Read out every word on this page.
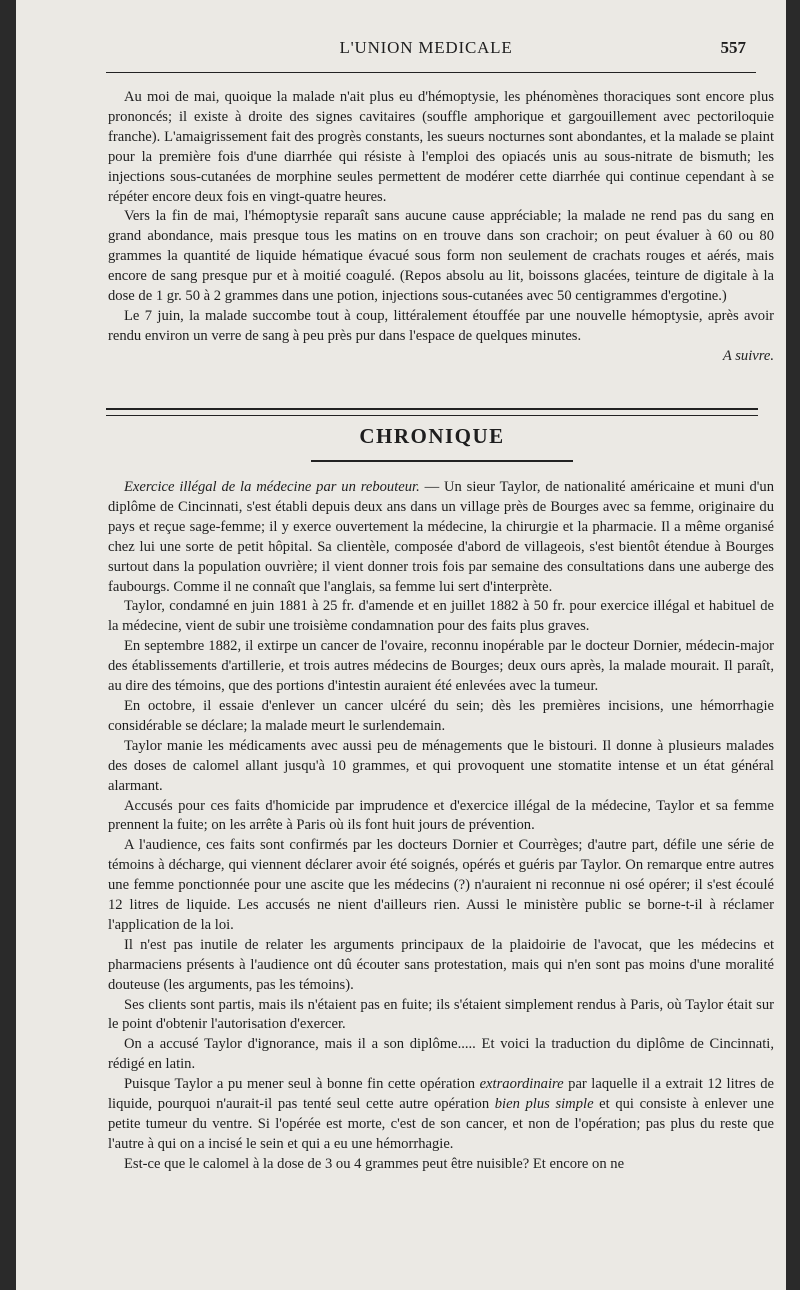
L'UNION MEDICALE	557

Au moi de mai, quoique la malade n'ait plus eu d'hémoptysie, les phénomènes thoraciques sont encore plus prononcés; il existe à droite des signes cavitaires (souffle amphorique et gargouillement avec pectoriloquie franche). L'amaigrissement fait des progrès constants, les sueurs nocturnes sont abondantes, et la malade se plaint pour la première fois d'une diarrhée qui résiste à l'emploi des opiacés unis au sous-nitrate de bismuth; les injections sous-cutanées de morphine seules permettent de modérer cette diarrhée qui continue cependant à se répéter encore deux fois en vingt-quatre heures.

Vers la fin de mai, l'hémoptysie reparaît sans aucune cause appréciable; la malade ne rend pas du sang en grand abondance, mais presque tous les matins on en trouve dans son crachoir; on peut évaluer à 60 ou 80 grammes la quantité de liquide hématique évacué sous form non seulement de crachats rouges et aérés, mais encore de sang presque pur et à moitié coagulé. (Repos absolu au lit, boissons glacées, teinture de digitale à la dose de 1 gr. 50 à 2 grammes dans une potion, injections sous-cutanées avec 50 centigrammes d'ergotine.)

Le 7 juin, la malade succombe tout à coup, littéralement étouffée par une nouvelle hémoptysie, après avoir rendu environ un verre de sang à peu près pur dans l'espace de quelques minutes.

A suivre.

CHRONIQUE

Exercice illégal de la médecine par un rebouteur. — Un sieur Taylor, de nationalité américaine et muni d'un diplôme de Cincinnati, s'est établi depuis deux ans dans un village près de Bourges avec sa femme, originaire du pays et reçue sage-femme; il y exerce ouvertement la médecine, la chirurgie et la pharmacie. Il a même organisé chez lui une sorte de petit hôpital. Sa clientèle, composée d'abord de villageois, s'est bientôt étendue à Bourges surtout dans la population ouvrière; il vient donner trois fois par semaine des consultations dans une auberge des faubourgs. Comme il ne connaît que l'anglais, sa femme lui sert d'interprète.

Taylor, condamné en juin 1881 à 25 fr. d'amende et en juillet 1882 à 50 fr. pour exercice illégal et habituel de la médecine, vient de subir une troisième condamnation pour des faits plus graves.

En septembre 1882, il extirpe un cancer de l'ovaire, reconnu inopérable par le docteur Dornier, médecin-major des établissements d'artillerie, et trois autres médecins de Bourges; deux ours après, la malade mourait. Il paraît, au dire des témoins, que des portions d'intestin auraient été enlevées avec la tumeur.

En octobre, il essaie d'enlever un cancer ulcéré du sein; dès les premières incisions, une hémorrhagie considérable se déclare; la malade meurt le surlendemain.

Taylor manie les médicaments avec aussi peu de ménagements que le bistouri. Il donne à plusieurs malades des doses de calomel allant jusqu'à 10 grammes, et qui provoquent une stomatite intense et un état général alarmant.

Accusés pour ces faits d'homicide par imprudence et d'exercice illégal de la médecine, Taylor et sa femme prennent la fuite; on les arrête à Paris où ils font huit jours de prévention.

A l'audience, ces faits sont confirmés par les docteurs Dornier et Courrèges; d'autre part, défile une série de témoins à décharge, qui viennent déclarer avoir été soignés, opérés et guéris par Taylor. On remarque entre autres une femme ponctionnée pour une ascite que les médecins (?) n'auraient ni reconnue ni osé opérer; il s'est écoulé 12 litres de liquide. Les accusés ne nient d'ailleurs rien. Aussi le ministère public se borne-t-il à réclamer l'application de la loi.

Il n'est pas inutile de relater les arguments principaux de la plaidoirie de l'avocat, que les médecins et pharmaciens présents à l'audience ont dû écouter sans protestation, mais qui n'en sont pas moins d'une moralité douteuse (les arguments, pas les témoins).

Ses clients sont partis, mais ils n'étaient pas en fuite; ils s'étaient simplement rendus à Paris, où Taylor était sur le point d'obtenir l'autorisation d'exercer.

On a accusé Taylor d'ignorance, mais il a son diplôme..... Et voici la traduction du diplôme de Cincinnati, rédigé en latin.

Puisque Taylor a pu mener seul à bonne fin cette opération extraordinaire par laquelle il a extrait 12 litres de liquide, pourquoi n'aurait-il pas tenté seul cette autre opération bien plus simple et qui consiste à enlever une petite tumeur du ventre. Si l'opérée est morte, c'est de son cancer, et non de l'opération; pas plus du reste que l'autre à qui on a incisé le sein et qui a eu une hémorrhagie.

Est-ce que le calomel à la dose de 3 ou 4 grammes peut être nuisible? Et encore on ne
